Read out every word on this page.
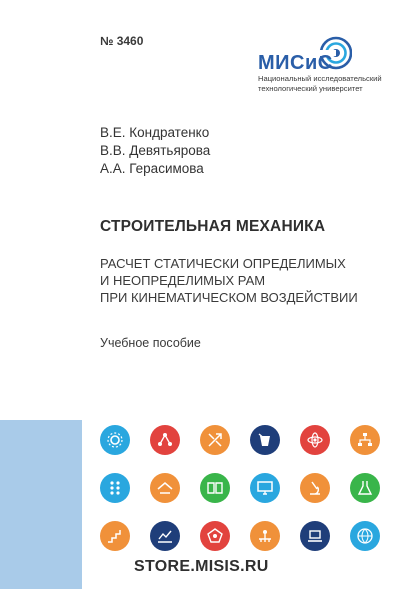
№ 3460
МИСиС
Национальный исследовательский
технологический университет
В.Е. Кондратенко
В.В. Девятьярова
А.А. Герасимова
СТРОИТЕЛЬНАЯ МЕХАНИКА
РАСЧЕТ СТАТИЧЕСКИ ОПРЕДЕЛИМЫХ
И НЕОПРЕДЕЛИМЫХ РАМ
ПРИ КИНЕМАТИЧЕСКОМ ВОЗДЕЙСТВИИ
Учебное пособие
STORE.MISIS.RU
